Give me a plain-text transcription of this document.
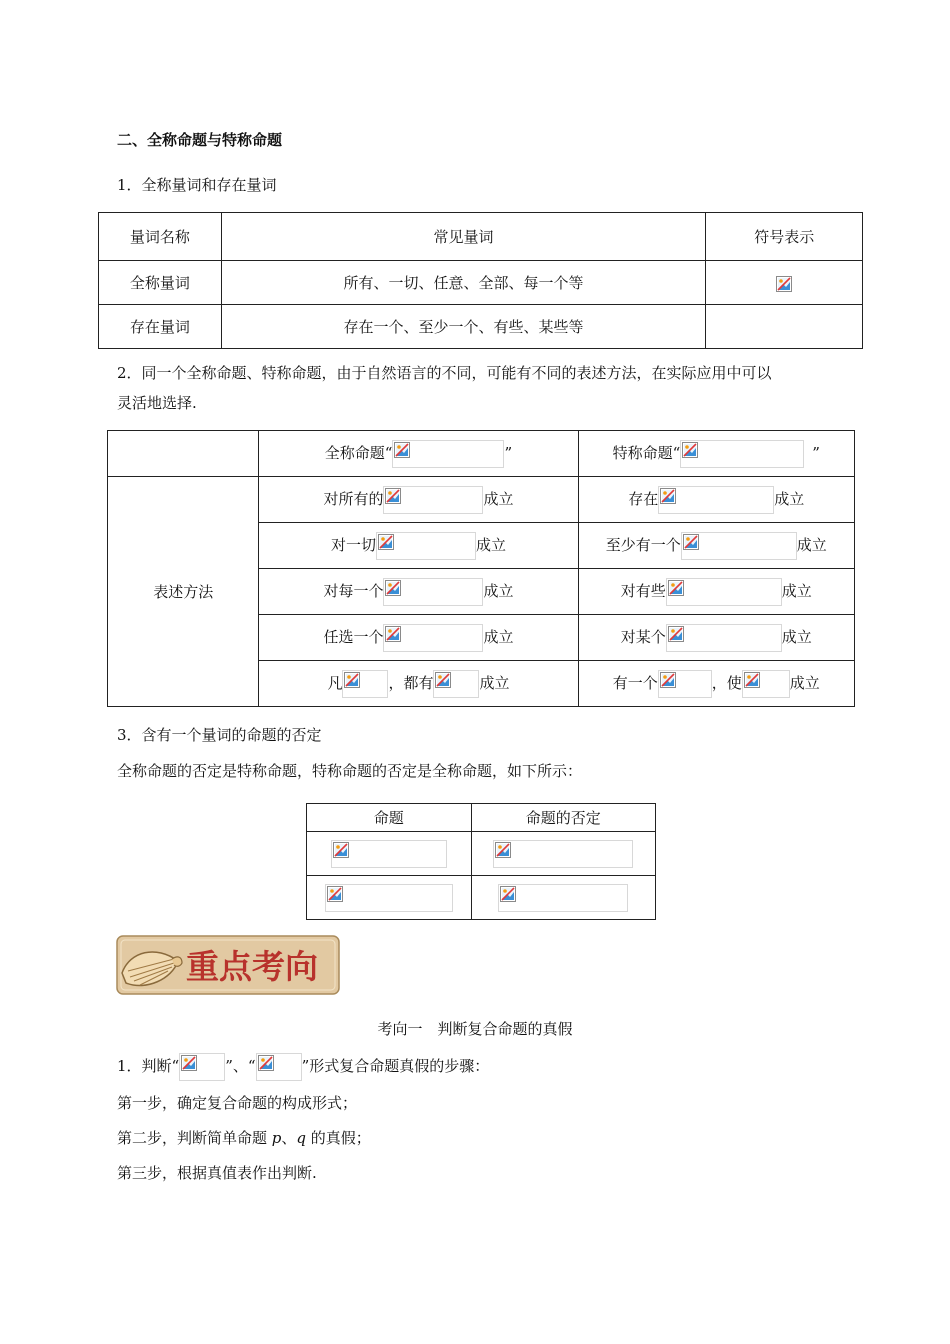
二、全称命题与特称命题
1．全称量词和存在量词
量词名称	常见量词	符号表示
全称量词	所有、一切、任意、全部、每一个等	
存在量词	存在一个、至少一个、有些、某些等	
2．同一个全称命题、特称命题，由于自然语言的不同，可能有不同的表述方法，在实际应用中可以
灵活地选择.
	全称命题“ ”	特称命题“ ”
表述方法	对所有的 成立	存在 成立
	对一切 成立	至少有一个 成立
	对每一个 成立	对有些 成立
	任选一个 成立	对某个 成立
	凡 ，都有 成立	有一个 ，使 成立
3．含有一个量词的命题的否定
全称命题的否定是特称命题，特称命题的否定是全称命题，如下所示：
命题	命题的否定

重点考向
考向一　判断复合命题的真假
1．判断“	”、“	”形式复合命题真假的步骤：
第一步，确定复合命题的构成形式；
第二步，判断简单命题 p、q 的真假；
第三步，根据真值表作出判断.
